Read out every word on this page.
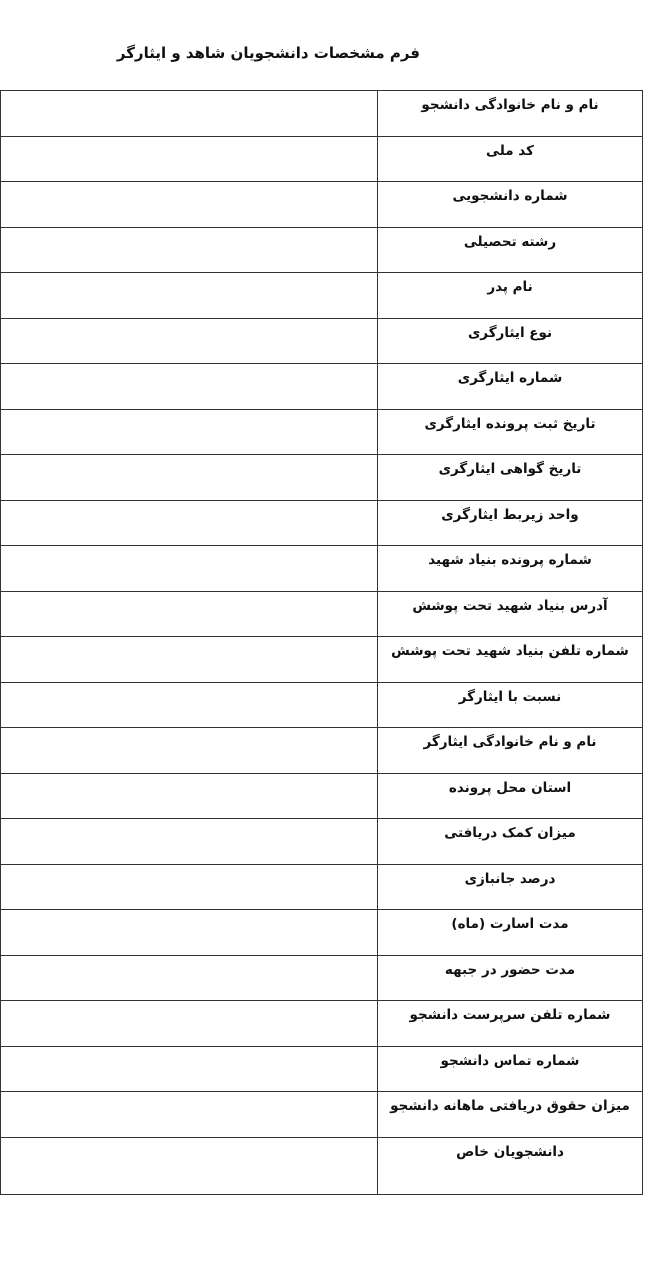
فرم مشخصات دانشجویان شاهد و ایثارگر
نام و نام خانوادگی دانشجو	
کد ملی	
شماره دانشجویی	
رشته تحصیلی	
نام پدر	
نوع ایثارگری	
شماره ایثارگری	
تاریخ ثبت پرونده ایثارگری	
تاریخ گواهی ایثارگری	
واحد زیربط ایثارگری	
شماره پرونده بنیاد شهید	
آدرس بنیاد شهید تحت پوشش	
شماره تلفن بنیاد شهید تحت پوشش	
نسبت با ایثارگر	
نام و نام خانوادگی ایثارگر	
استان محل پرونده	
میزان کمک دریافتی	
درصد جانبازی	
مدت اسارت (ماه)	
مدت حضور در جبهه	
شماره تلفن سرپرست دانشجو	
شماره تماس دانشجو	
میزان حقوق دریافتی ماهانه دانشجو	
دانشجویان خاص	
